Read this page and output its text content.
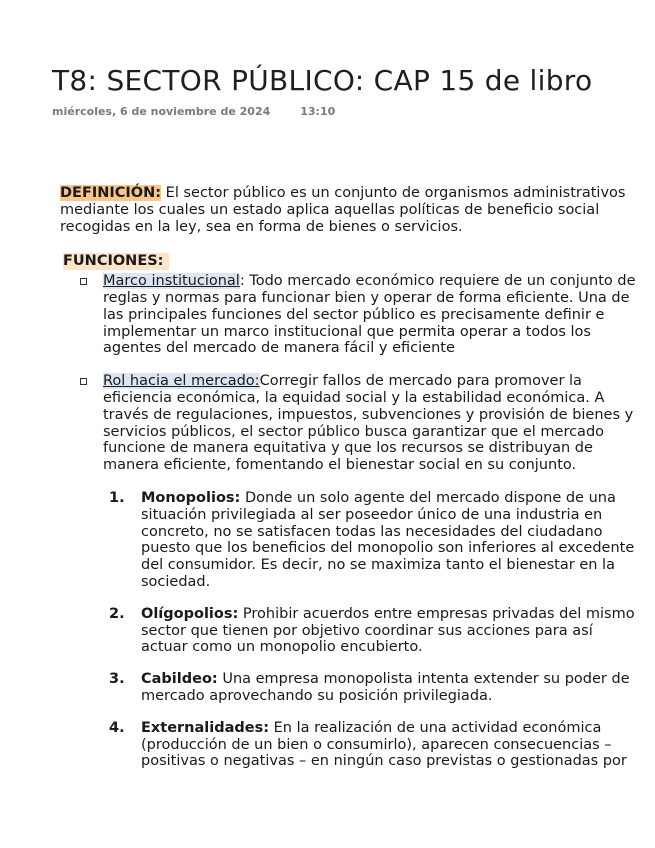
T8: SECTOR PÚBLICO: CAP 15 de libro
miércoles, 6 de noviembre de 2024	13:10

DEFINICIÓN: El sector público es un conjunto de organismos administrativos mediante los cuales un estado aplica aquellas políticas de beneficio social recogidas en la ley, sea en forma de bienes o servicios.

FUNCIONES:
Marco institucional: Todo mercado económico requiere de un conjunto de reglas y normas para funcionar bien y operar de forma eficiente. Una de las principales funciones del sector público es precisamente definir e implementar un marco institucional que permita operar a todos los agentes del mercado de manera fácil y eficiente
Rol hacia el mercado:Corregir fallos de mercado para promover la eficiencia económica, la equidad social y la estabilidad económica. A través de regulaciones, impuestos, subvenciones y provisión de bienes y servicios públicos, el sector público busca garantizar que el mercado funcione de manera equitativa y que los recursos se distribuyan de manera eficiente, fomentando el bienestar social en su conjunto.
1. Monopolios: Donde un solo agente del mercado dispone de una situación privilegiada al ser poseedor único de una industria en concreto, no se satisfacen todas las necesidades del ciudadano puesto que los beneficios del monopolio son inferiores al excedente del consumidor. Es decir, no se maximiza tanto el bienestar en la sociedad.
2. Olígopolios: Prohibir acuerdos entre empresas privadas del mismo sector que tienen por objetivo coordinar sus acciones para así actuar como un monopolio encubierto.
3. Cabildeo: Una empresa monopolista intenta extender su poder de mercado aprovechando su posición privilegiada.
4. Externalidades: En la realización de una actividad económica (producción de un bien o consumirlo), aparecen consecuencias – positivas o negativas – en ningún caso previstas o gestionadas por
